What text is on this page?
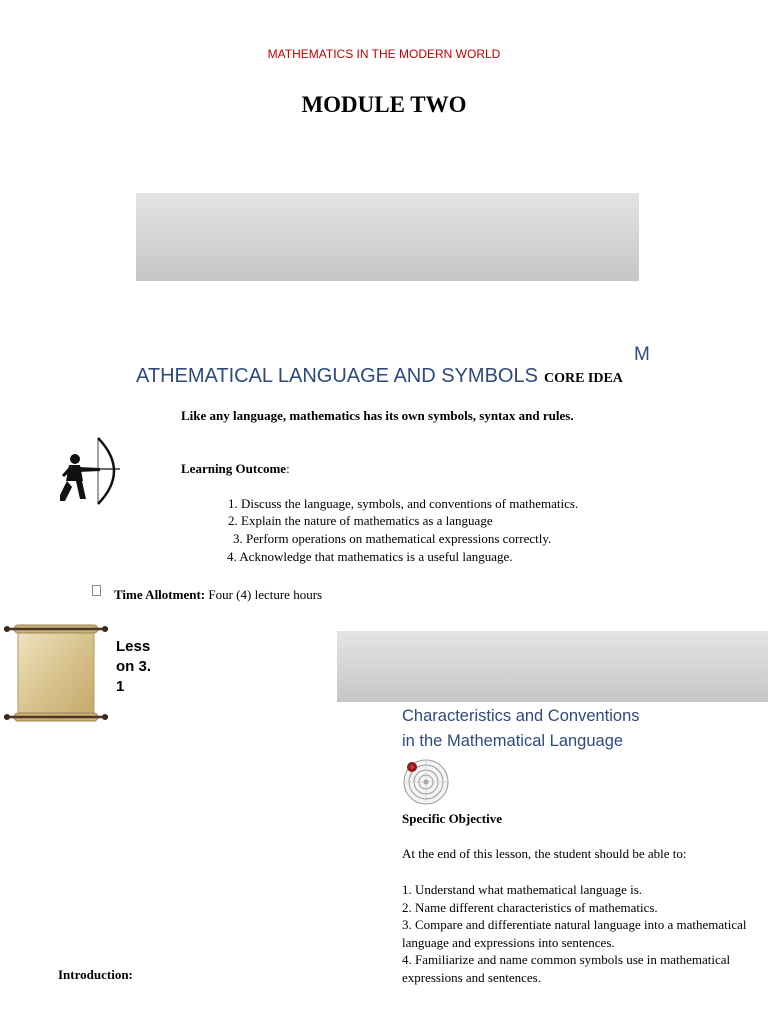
MATHEMATICS IN THE MODERN WORLD
MODULE TWO
M
ATHEMATICAL LANGUAGE AND SYMBOLS CORE IDEA
Like any language, mathematics has its own symbols, syntax and rules.
Learning Outcome:
1. Discuss the language, symbols, and conventions of mathematics.
2. Explain the nature of mathematics as a language
3. Perform operations on mathematical expressions correctly.
4. Acknowledge that mathematics is a useful language.
Time Allotment: Four (4) lecture hours
Lesson 3.1
Characteristics and Conventions
in the Mathematical Language
Specific Objective
At the end of this lesson, the student should be able to:
1. Understand what mathematical language is.
2. Name different characteristics of mathematics.
3. Compare and differentiate natural language into a mathematical language and expressions into sentences.
4. Familiarize and name common symbols use in mathematical expressions and sentences.
Introduction:
